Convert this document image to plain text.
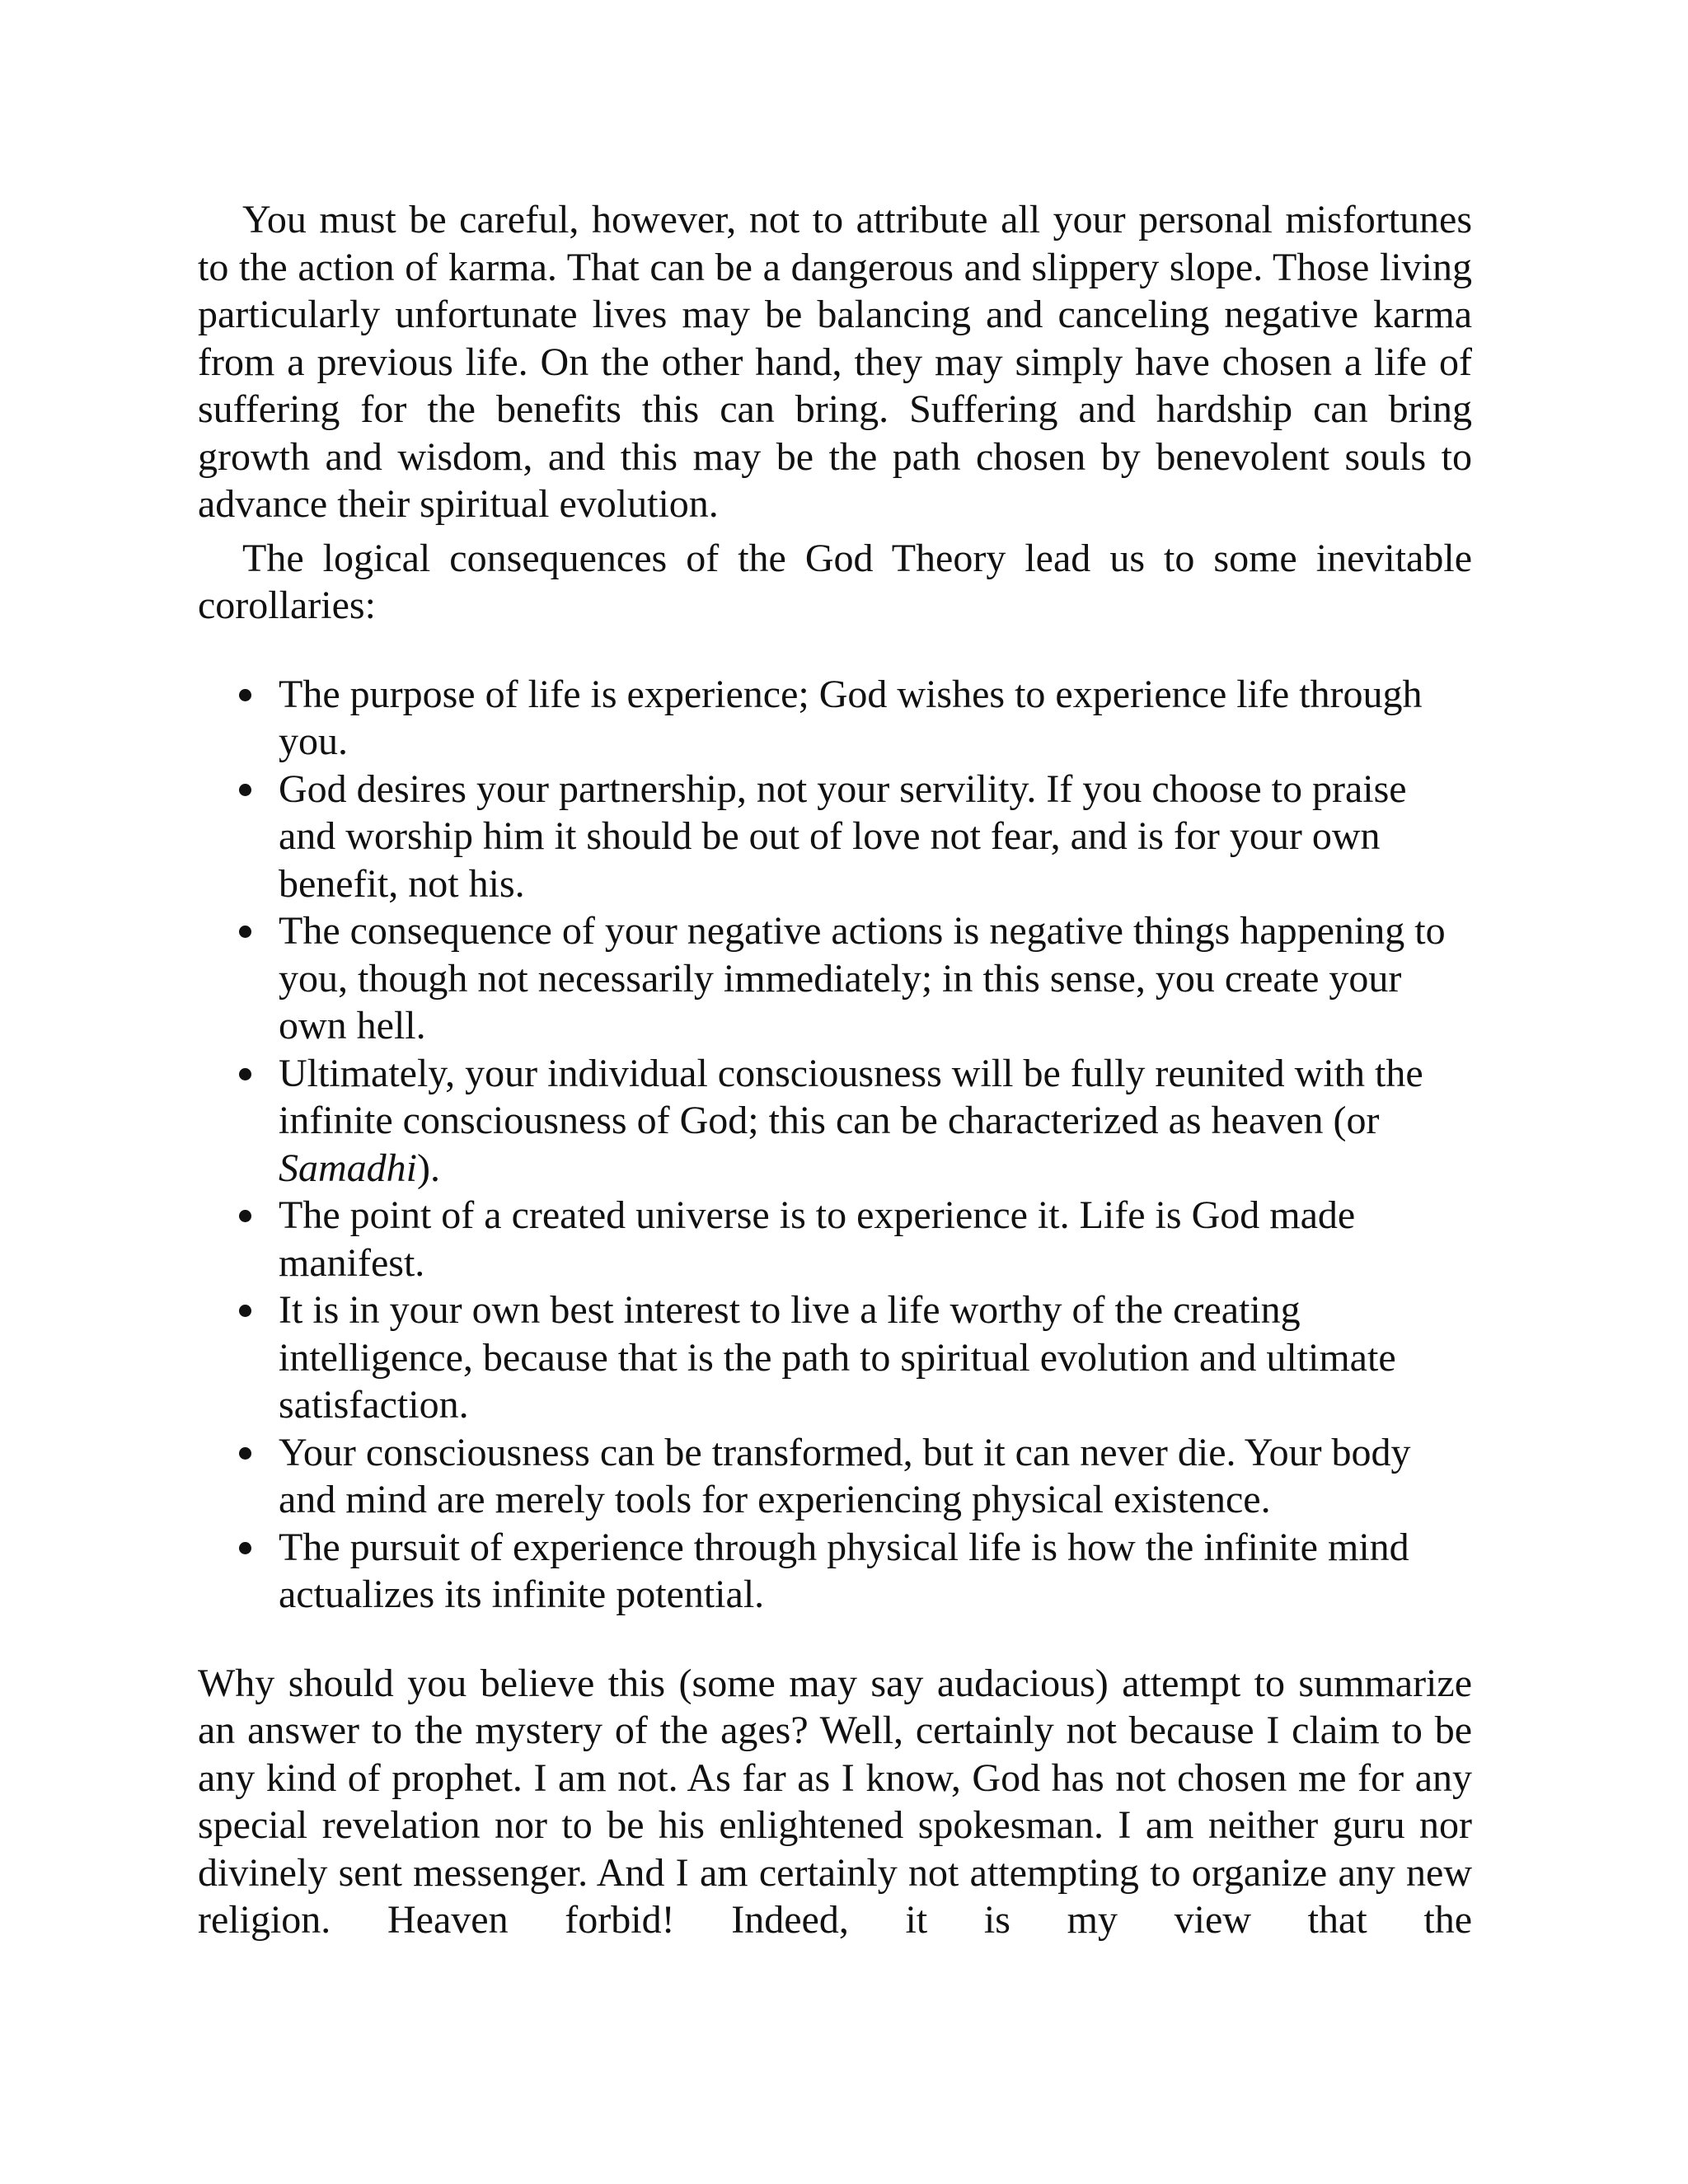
You must be careful, however, not to attribute all your personal misfortunes to the action of karma. That can be a dangerous and slippery slope. Those living particularly unfortunate lives may be balancing and canceling negative karma from a previous life. On the other hand, they may simply have chosen a life of suffering for the benefits this can bring. Suffering and hardship can bring growth and wisdom, and this may be the path chosen by benevolent souls to advance their spiritual evolution.

The logical consequences of the God Theory lead us to some inevitable corollaries:

The purpose of life is experience; God wishes to experience life through you.
God desires your partnership, not your servility. If you choose to praise and worship him it should be out of love not fear, and is for your own benefit, not his.
The consequence of your negative actions is negative things happening to you, though not necessarily immediately; in this sense, you create your own hell.
Ultimately, your individual consciousness will be fully reunited with the infinite consciousness of God; this can be characterized as heaven (or Samadhi).
The point of a created universe is to experience it. Life is God made manifest.
It is in your own best interest to live a life worthy of the creating intelligence, because that is the path to spiritual evolution and ultimate satisfaction.
Your consciousness can be transformed, but it can never die. Your body and mind are merely tools for experiencing physical existence.
The pursuit of experience through physical life is how the infinite mind actualizes its infinite potential.

Why should you believe this (some may say audacious) attempt to summarize an answer to the mystery of the ages? Well, certainly not because I claim to be any kind of prophet. I am not. As far as I know, God has not chosen me for any special revelation nor to be his enlightened spokesman. I am neither guru nor divinely sent messenger. And I am certainly not attempting to organize any new religion. Heaven forbid! Indeed, it is my view that the
